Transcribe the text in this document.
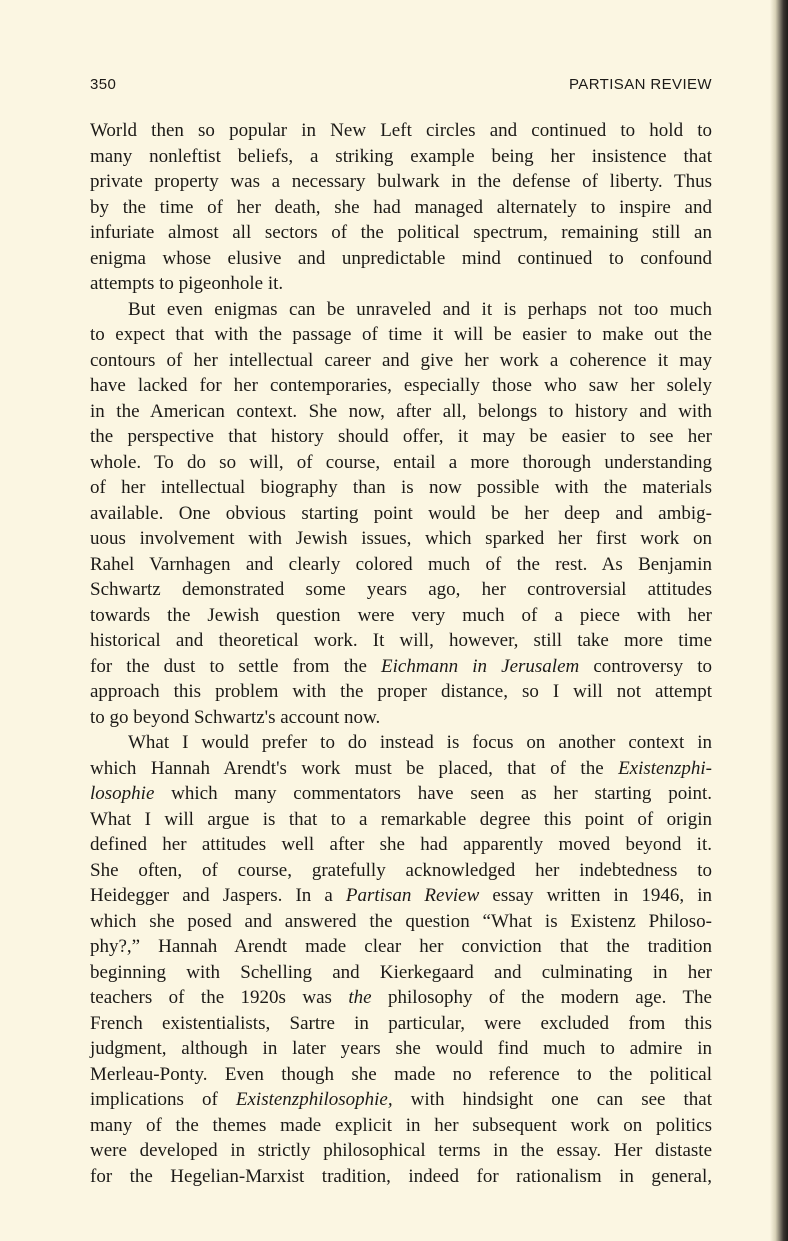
350	PARTISAN REVIEW
World then so popular in New Left circles and continued to hold to
many nonleftist beliefs, a striking example being her insistence that
private property was a necessary bulwark in the defense of liberty. Thus
by the time of her death, she had managed alternately to inspire and
infuriate almost all sectors of the political spectrum, remaining still an
enigma whose elusive and unpredictable mind continued to confound
attempts to pigeonhole it.
But even enigmas can be unraveled and it is perhaps not too much
to expect that with the passage of time it will be easier to make out the
contours of her intellectual career and give her work a coherence it may
have lacked for her contemporaries, especially those who saw her solely
in the American context. She now, after all, belongs to history and with
the perspective that history should offer, it may be easier to see her
whole. To do so will, of course, entail a more thorough understanding
of her intellectual biography than is now possible with the materials
available. One obvious starting point would be her deep and ambig-
uous involvement with Jewish issues, which sparked her first work on
Rahel Varnhagen and clearly colored much of the rest. As Benjamin
Schwartz demonstrated some years ago, her controversial attitudes
towards the Jewish question were very much of a piece with her
historical and theoretical work. It will, however, still take more time
for the dust to settle from the Eichmann in Jerusalem controversy to
approach this problem with the proper distance, so I will not attempt
to go beyond Schwartz's account now.
What I would prefer to do instead is focus on another context in
which Hannah Arendt's work must be placed, that of the Existenzphi-
losophie which many commentators have seen as her starting point.
What I will argue is that to a remarkable degree this point of origin
defined her attitudes well after she had apparently moved beyond it.
She often, of course, gratefully acknowledged her indebtedness to
Heidegger and Jaspers. In a Partisan Review essay written in 1946, in
which she posed and answered the question “What is Existenz Philoso-
phy?,” Hannah Arendt made clear her conviction that the tradition
beginning with Schelling and Kierkegaard and culminating in her
teachers of the 1920s was the philosophy of the modern age. The
French existentialists, Sartre in particular, were excluded from this
judgment, although in later years she would find much to admire in
Merleau-Ponty. Even though she made no reference to the political
implications of Existenzphilosophie, with hindsight one can see that
many of the themes made explicit in her subsequent work on politics
were developed in strictly philosophical terms in the essay. Her distaste
for the Hegelian-Marxist tradition, indeed for rationalism in general,
